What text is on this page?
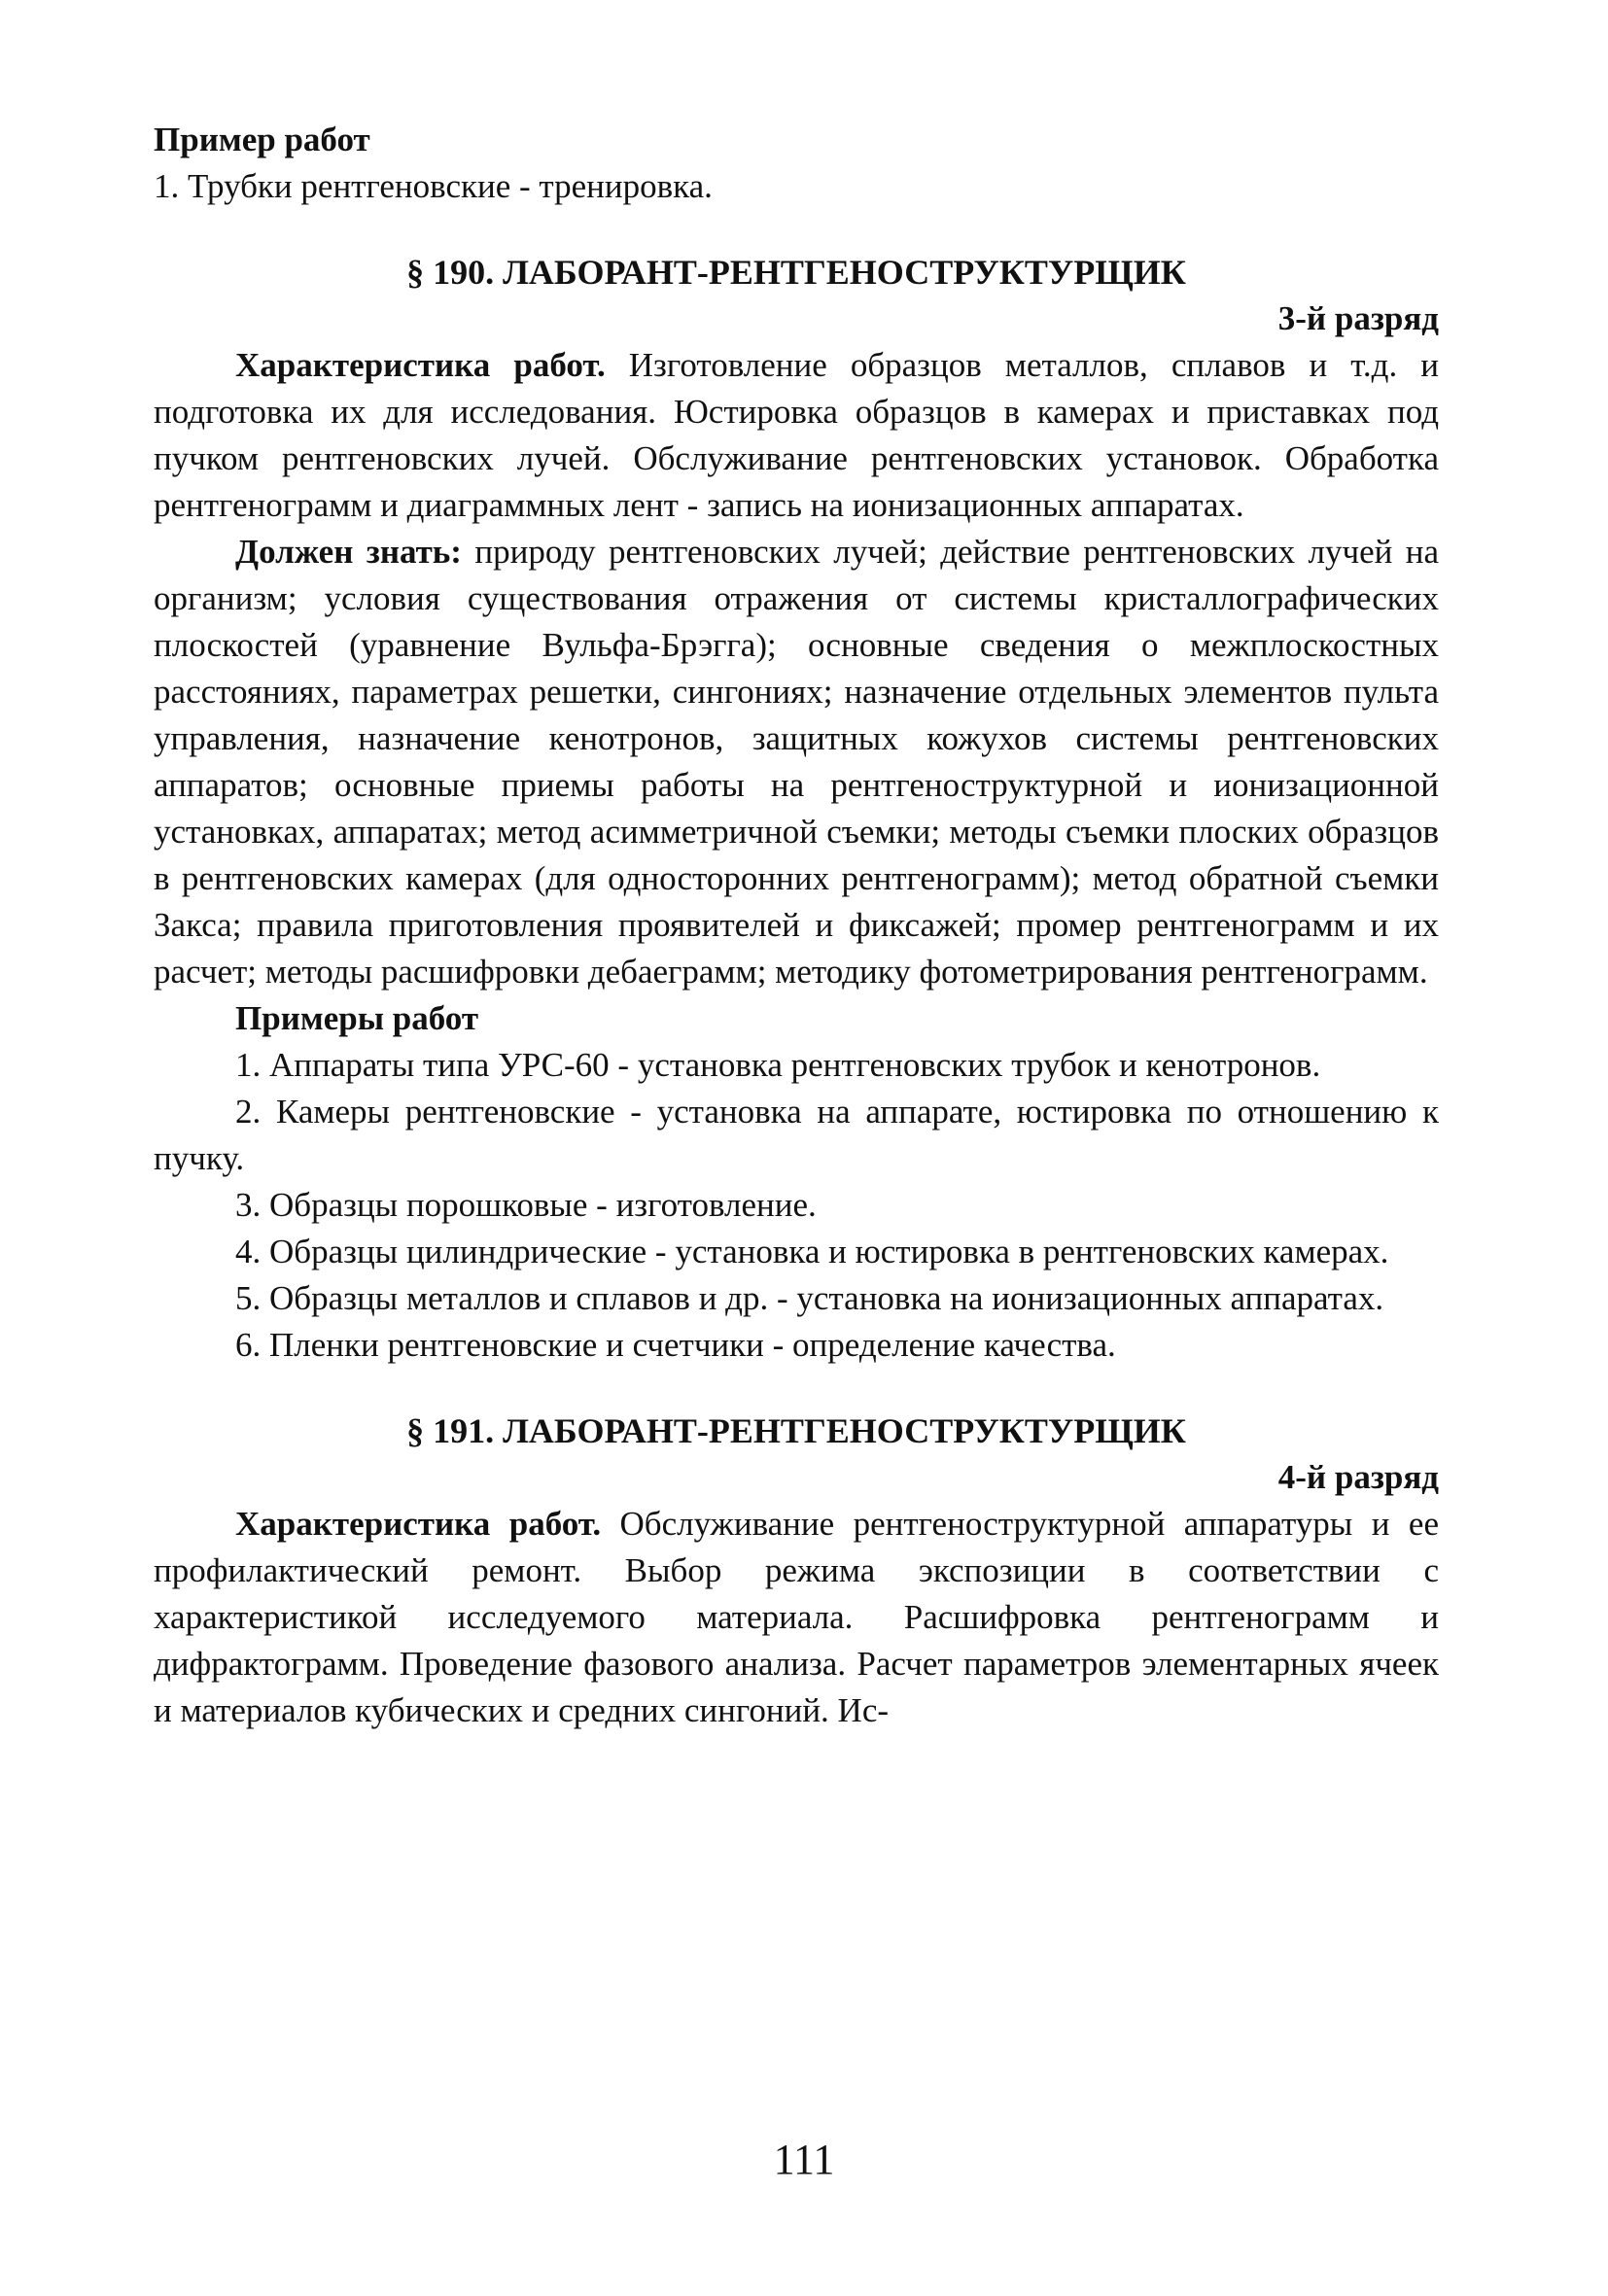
Пример работ

1. Трубки рентгеновские - тренировка.

§ 190. ЛАБОРАНТ-РЕНТГЕНОСТРУКТУРЩИК

3-й разряд

Характеристика работ. Изготовление образцов металлов, сплавов и т.д. и подготовка их для исследования. Юстировка образцов в камерах и приставках под пучком рентгеновских лучей. Обслуживание рентгеновских установок. Обработка рентгенограмм и диаграммных лент - запись на ионизационных аппаратах.

Должен знать: природу рентгеновских лучей; действие рентгеновских лучей на организм; условия существования отражения от системы кристаллографических плоскостей (уравнение Вульфа-Брэгга); основные сведения о межплоскостных расстояниях, параметрах решетки, сингониях; назначение отдельных элементов пульта управления, назначение кенотронов, защитных кожухов системы рентгеновских аппаратов; основные приемы работы на рентгеноструктурной и ионизационной установках, аппаратах; метод асимметричной съемки; методы съемки плоских образцов в рентгеновских камерах (для односторонних рентгенограмм); метод обратной съемки Закса; правила приготовления проявителей и фиксажей; промер рентгенограмм и их расчет; методы расшифровки дебаеграмм; методику фотометрирования рентгенограмм.

Примеры работ

1. Аппараты типа УРС-60 - установка рентгеновских трубок и кенотронов.

2. Камеры рентгеновские - установка на аппарате, юстировка по отношению к пучку.

3. Образцы порошковые - изготовление.

4. Образцы цилиндрические - установка и юстировка в рентгеновских камерах.

5. Образцы металлов и сплавов и др. - установка на ионизационных аппаратах.

6. Пленки рентгеновские и счетчики - определение качества.

§ 191. ЛАБОРАНТ-РЕНТГЕНОСТРУКТУРЩИК

4-й разряд

Характеристика работ. Обслуживание рентгеноструктурной аппаратуры и ее профилактический ремонт. Выбор режима экспозиции в соответствии с характеристикой исследуемого материала. Расшифровка рентгенограмм и дифрактограмм. Проведение фазового анализа. Расчет параметров элементарных ячеек и материалов кубических и средних сингоний. Ис-

111
